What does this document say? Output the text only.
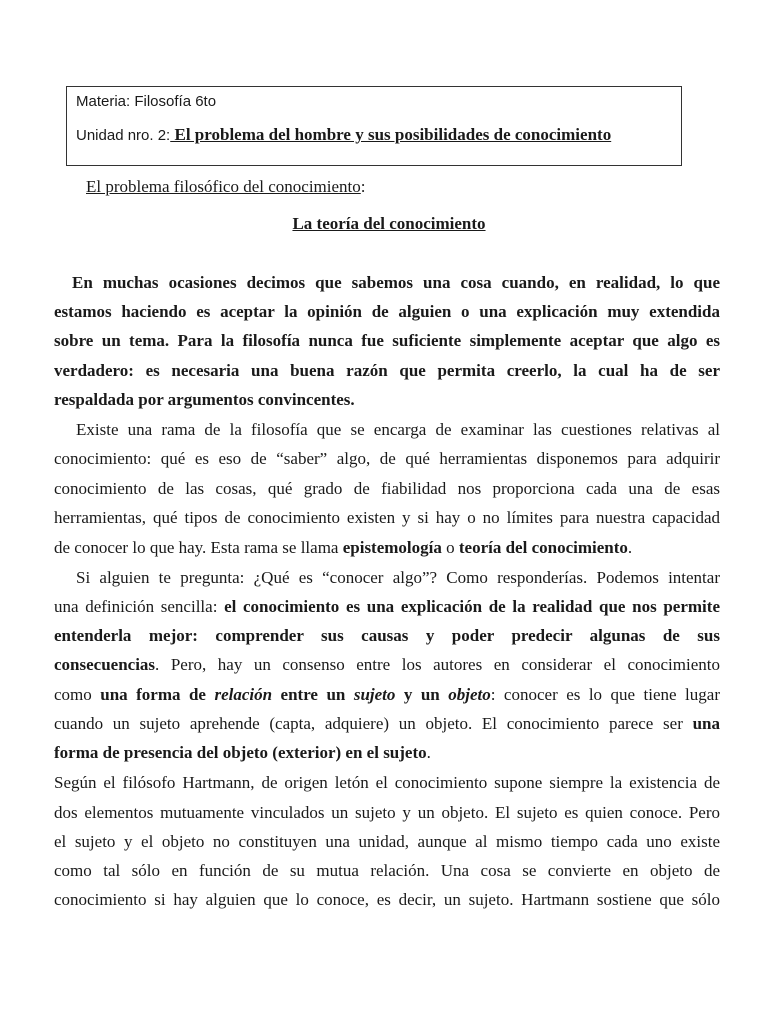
Materia: Filosofía 6to
Unidad nro. 2: El problema del hombre y sus posibilidades de conocimiento
El problema filosófico del conocimiento:
La teoría del conocimiento
En muchas ocasiones decimos que sabemos una cosa cuando, en realidad, lo que
estamos haciendo es aceptar la opinión de alguien o una explicación muy extendida
sobre un tema. Para la filosofía nunca fue suficiente simplemente aceptar que algo es
verdadero: es necesaria una buena razón que permita creerlo, la cual ha de ser
respaldada por argumentos convincentes.
Existe una rama de la filosofía que se encarga de examinar las cuestiones relativas al
conocimiento: qué es eso de “saber” algo, de qué herramientas disponemos para adquirir
conocimiento de las cosas, qué grado de fiabilidad nos proporciona cada una de esas
herramientas, qué tipos de conocimiento existen y si hay o no límites para nuestra capacidad
de conocer lo que hay. Esta rama se llama epistemología o teoría del conocimiento.
Si alguien te pregunta: ¿Qué es “conocer algo”? Como responderías. Podemos intentar
una definición sencilla: el conocimiento es una explicación de la realidad que nos permite
entenderla mejor: comprender sus causas y poder predecir algunas de sus
consecuencias. Pero, hay un consenso entre los autores en considerar el conocimiento
como una forma de relación entre un sujeto y un objeto: conocer es lo que tiene lugar
cuando un sujeto aprehende (capta, adquiere) un objeto. El conocimiento parece ser una
forma de presencia del objeto (exterior) en el sujeto.
Según el filósofo Hartmann, de origen letón el conocimiento supone siempre la existencia de
dos elementos mutuamente vinculados un sujeto y un objeto. El sujeto es quien conoce. Pero
el sujeto y el objeto no constituyen una unidad, aunque al mismo tiempo cada uno existe
como tal sólo en función de su mutua relación. Una cosa se convierte en objeto de
conocimiento si hay alguien que lo conoce, es decir, un sujeto. Hartmann sostiene que sólo
